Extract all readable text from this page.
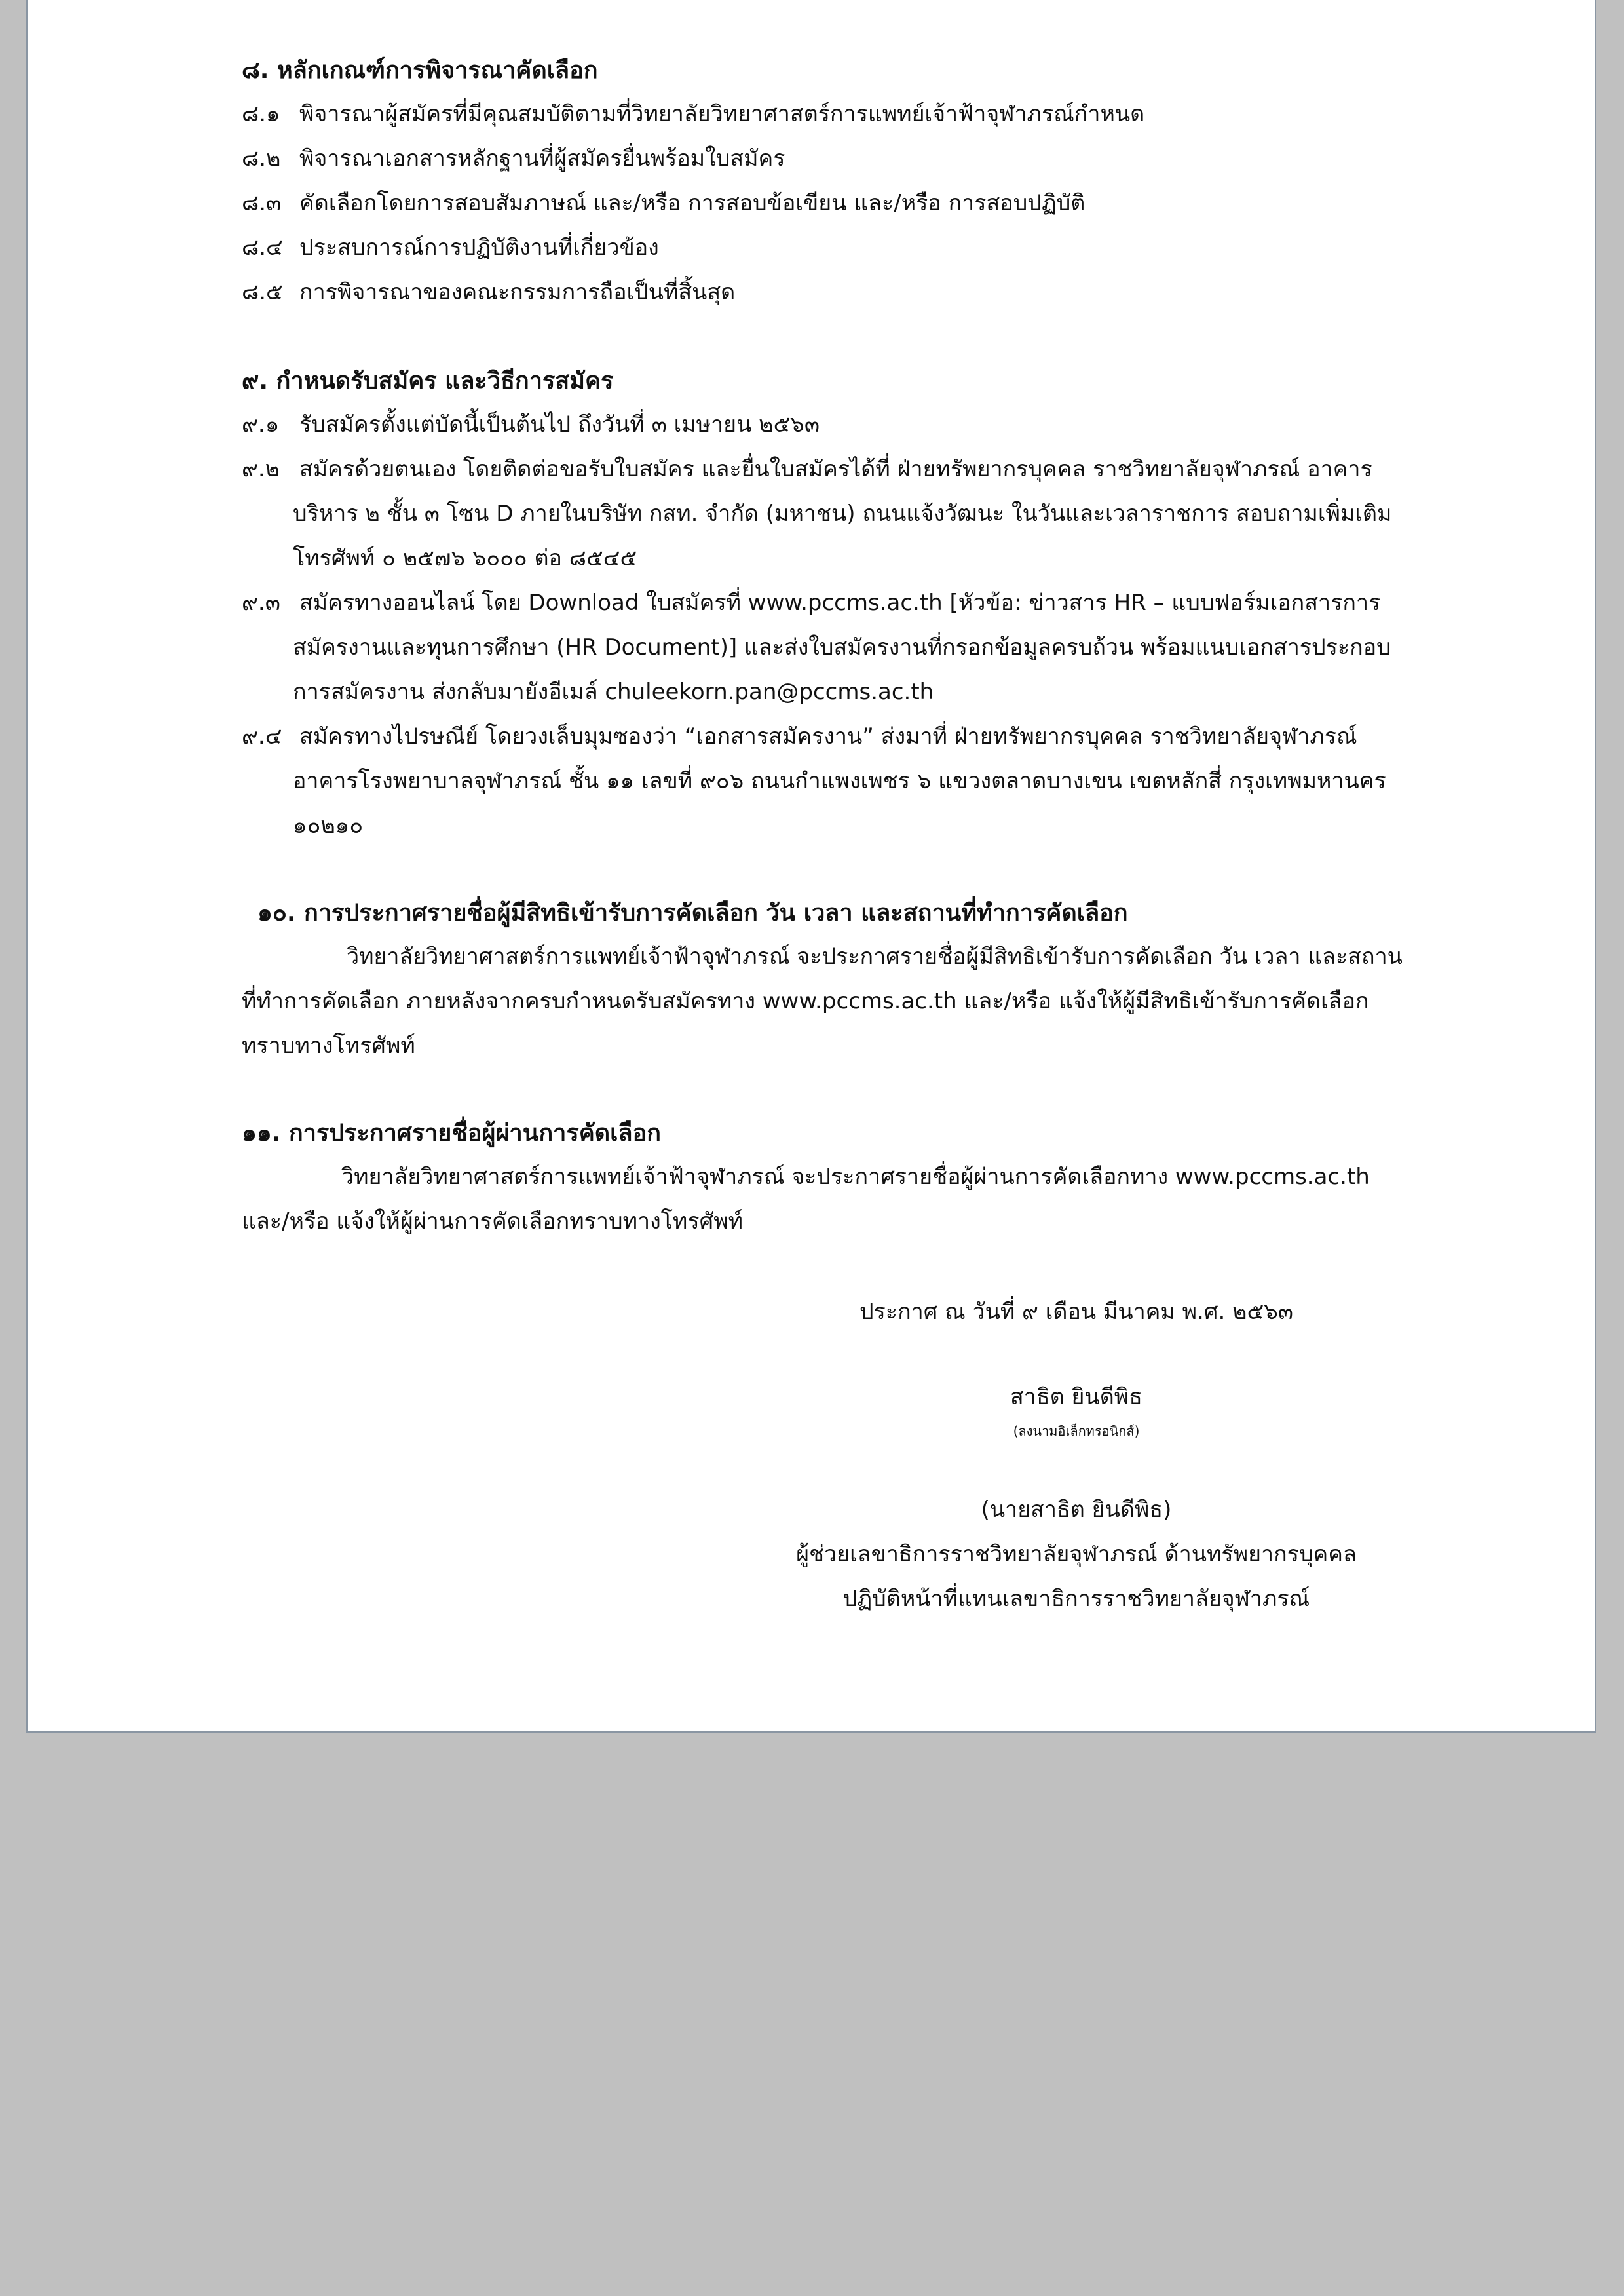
๘. หลักเกณฑ์การพิจารณาคัดเลือก
๘.๑ พิจารณาผู้สมัครที่มีคุณสมบัติตามที่วิทยาลัยวิทยาศาสตร์การแพทย์เจ้าฟ้าจุฬาภรณ์กำหนด
๘.๒ พิจารณาเอกสารหลักฐานที่ผู้สมัครยื่นพร้อมใบสมัคร
๘.๓ คัดเลือกโดยการสอบสัมภาษณ์ และ/หรือ การสอบข้อเขียน และ/หรือ การสอบปฏิบัติ
๘.๔ ประสบการณ์การปฏิบัติงานที่เกี่ยวข้อง
๘.๕ การพิจารณาของคณะกรรมการถือเป็นที่สิ้นสุด
๙. กำหนดรับสมัคร และวิธีการสมัคร
๙.๑ รับสมัครตั้งแต่บัดนี้เป็นต้นไป ถึงวันที่ ๓ เมษายน ๒๕๖๓
๙.๒ สมัครด้วยตนเอง โดยติดต่อขอรับใบสมัคร และยื่นใบสมัครได้ที่ ฝ่ายทรัพยากรบุคคล ราชวิทยาลัยจุฬาภรณ์ อาคาร
บริหาร ๒ ชั้น ๓ โซน D ภายในบริษัท กสท. จำกัด (มหาชน) ถนนแจ้งวัฒนะ ในวันและเวลาราชการ สอบถามเพิ่มเติม
โทรศัพท์ ๐ ๒๕๗๖ ๖๐๐๐ ต่อ ๘๕๔๕
๙.๓ สมัครทางออนไลน์ โดย Download ใบสมัครที่ www.pccms.ac.th [หัวข้อ: ข่าวสาร HR – แบบฟอร์มเอกสารการ
สมัครงานและทุนการศึกษา (HR Document)] และส่งใบสมัครงานที่กรอกข้อมูลครบถ้วน พร้อมแนบเอกสารประกอบ
การสมัครงาน ส่งกลับมายังอีเมล์ chuleekorn.pan@pccms.ac.th
๙.๔ สมัครทางไปรษณีย์ โดยวงเล็บมุมซองว่า “เอกสารสมัครงาน” ส่งมาที่ ฝ่ายทรัพยากรบุคคล ราชวิทยาลัยจุฬาภรณ์
อาคารโรงพยาบาลจุฬาภรณ์ ชั้น ๑๑ เลขที่ ๙๐๖ ถนนกำแพงเพชร ๖ แขวงตลาดบางเขน เขตหลักสี่ กรุงเทพมหานคร
๑๐๒๑๐
๑๐. การประกาศรายชื่อผู้มีสิทธิเข้ารับการคัดเลือก วัน เวลา และสถานที่ทำการคัดเลือก
วิทยาลัยวิทยาศาสตร์การแพทย์เจ้าฟ้าจุฬาภรณ์ จะประกาศรายชื่อผู้มีสิทธิเข้ารับการคัดเลือก วัน เวลา และสถาน
ที่ทำการคัดเลือก ภายหลังจากครบกำหนดรับสมัครทาง www.pccms.ac.th และ/หรือ แจ้งให้ผู้มีสิทธิเข้ารับการคัดเลือก
ทราบทางโทรศัพท์
๑๑. การประกาศรายชื่อผู้ผ่านการคัดเลือก
วิทยาลัยวิทยาศาสตร์การแพทย์เจ้าฟ้าจุฬาภรณ์ จะประกาศรายชื่อผู้ผ่านการคัดเลือกทาง www.pccms.ac.th
และ/หรือ แจ้งให้ผู้ผ่านการคัดเลือกทราบทางโทรศัพท์
ประกาศ ณ วันที่ ๙ เดือน มีนาคม พ.ศ. ๒๕๖๓
สาธิต ยินดีพิธ
(ลงนามอิเล็กทรอนิกส์)
(นายสาธิต ยินดีพิธ)
ผู้ช่วยเลขาธิการราชวิทยาลัยจุฬาภรณ์ ด้านทรัพยากรบุคคล
ปฏิบัติหน้าที่แทนเลขาธิการราชวิทยาลัยจุฬาภรณ์
